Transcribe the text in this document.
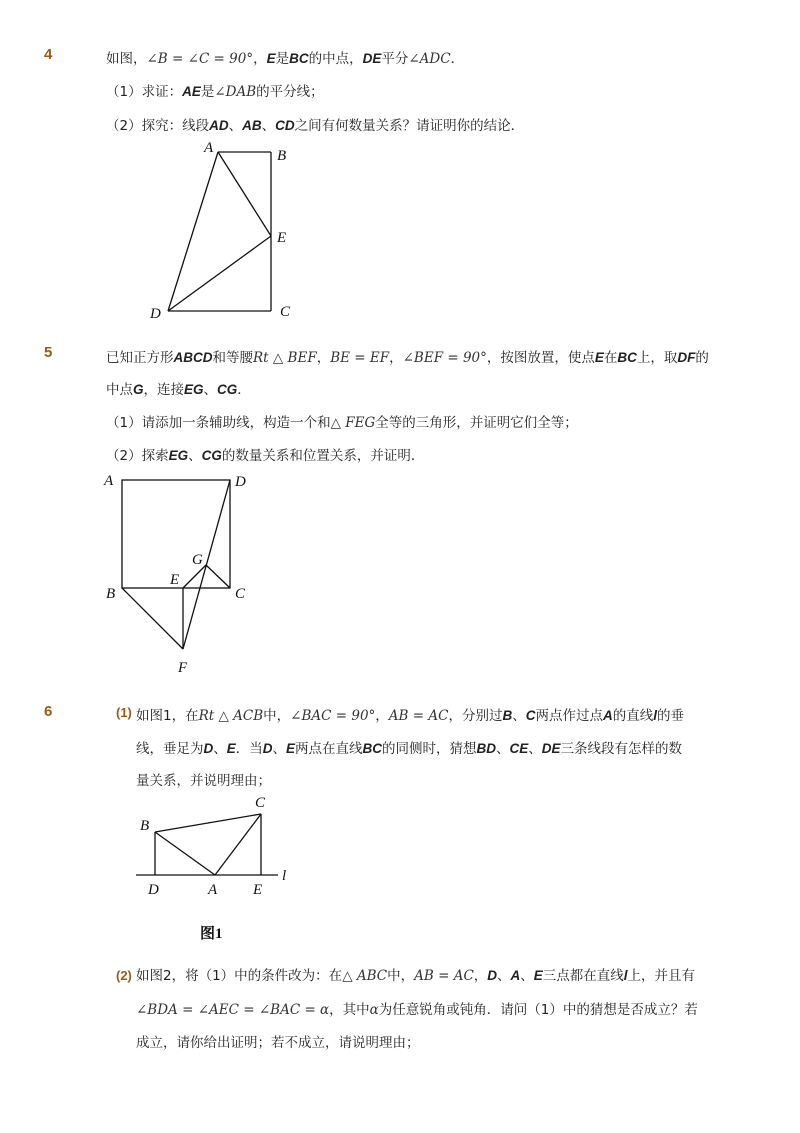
4	如图，∠B = ∠C = 90°，E是BC的中点，DE平分∠ADC．
（1）求证：AE是∠DAB的平分线；
（2）探究：线段AD、AB、CD之间有何数量关系？请证明你的结论．
A	B
E
D	C
5	已知正方形ABCD和等腰Rt △ BEF，BE = EF，∠BEF = 90°，按图放置，使点E在BC上，取DF的
中点G，连接EG、CG．
（1）请添加一条辅助线，构造一个和△ FEG全等的三角形，并证明它们全等；
（2）探索EG、CG的数量关系和位置关系，并证明．
A	D
G
E
B	C
F
6	(1) 如图1，在Rt △ ACB中，∠BAC = 90°，AB = AC，分别过B、C两点作过点A的直线l的垂
线，垂足为D、E．当D、E两点在直线BC的同侧时，猜想BD、CE、DE三条线段有怎样的数
量关系，并说明理由；
B
C
D	A E
l
图1
(2) 如图2，将（1）中的条件改为：在△ ABC中，AB = AC，D、A、E三点都在直线l上，并且有
∠BDA = ∠AEC = ∠BAC = α，其中α为任意锐角或钝角．请问（1）中的猜想是否成立？若
成立，请你给出证明；若不成立，请说明理由；
